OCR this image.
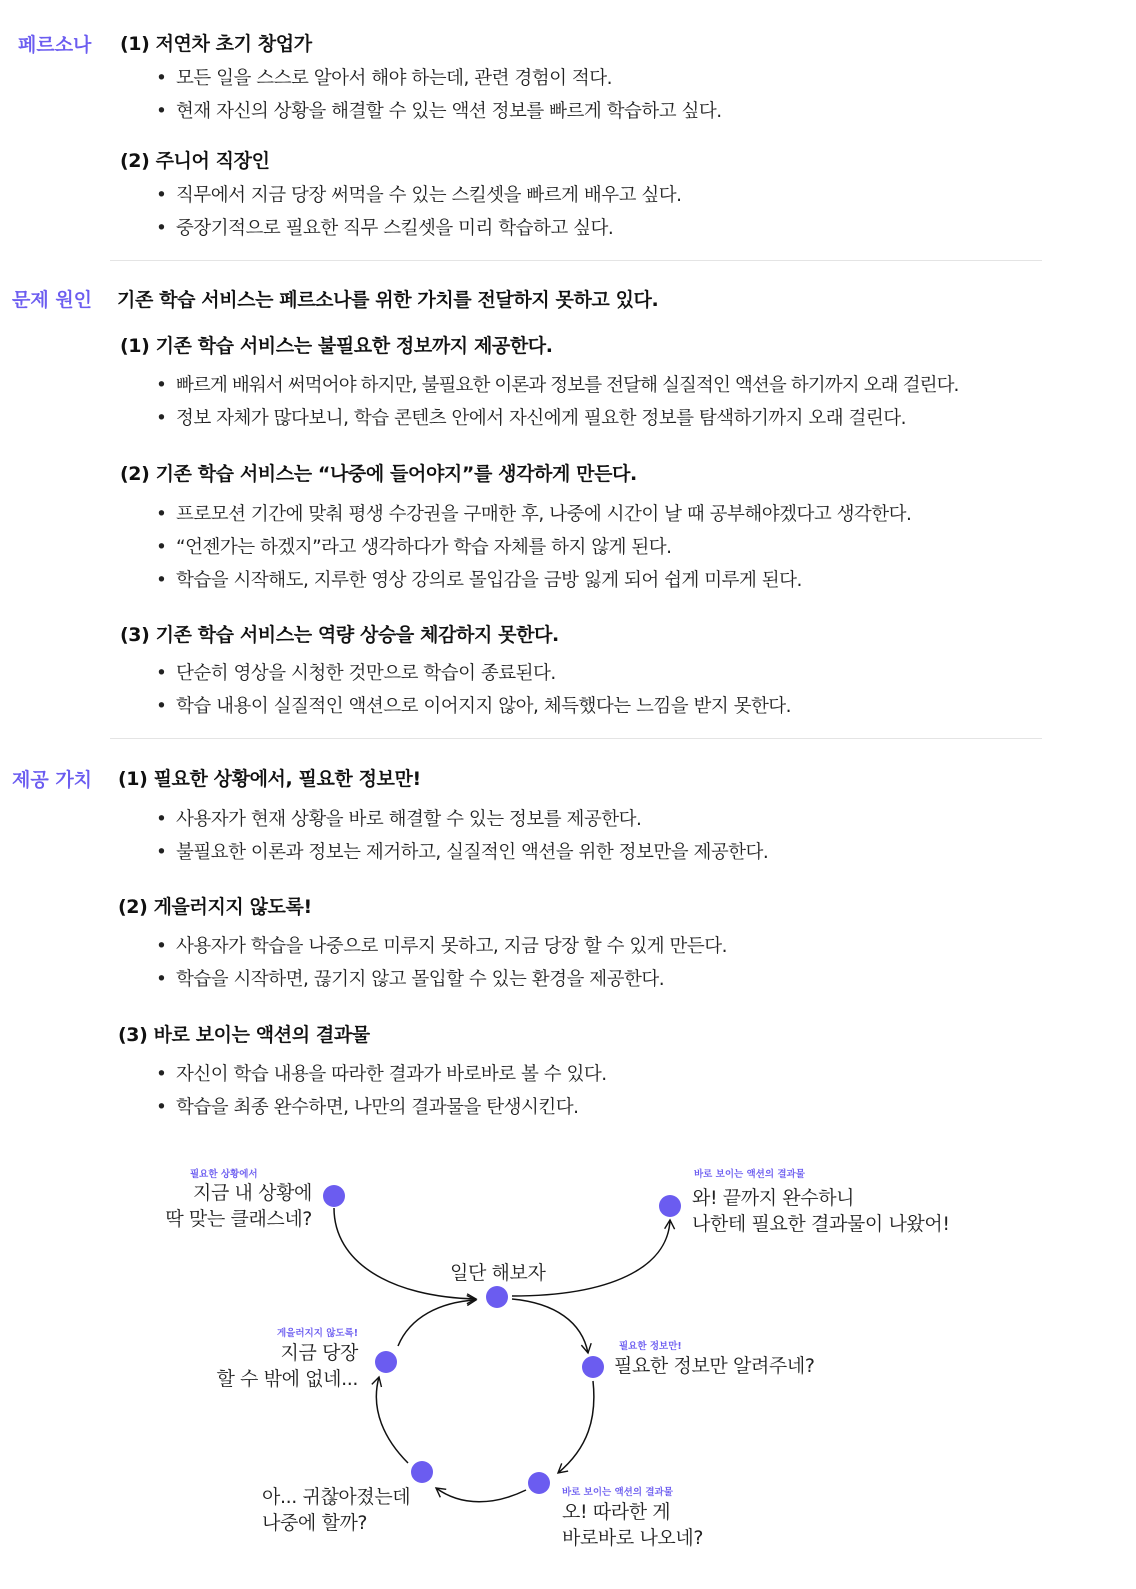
페르소나 (1) 저연차 초기 창업가
• 모든 일을 스스로 알아서 해야 하는데, 관련 경험이 적다.
• 현재 자신의 상황을 해결할 수 있는 액션 정보를 빠르게 학습하고 싶다.
(2) 주니어 직장인
• 직무에서 지금 당장 써먹을 수 있는 스킬셋을 빠르게 배우고 싶다.
• 중장기적으로 필요한 직무 스킬셋을 미리 학습하고 싶다.
문제 원인 기존 학습 서비스는 페르소나를 위한 가치를 전달하지 못하고 있다.
(1) 기존 학습 서비스는 불필요한 정보까지 제공한다.
• 빠르게 배워서 써먹어야 하지만, 불필요한 이론과 정보를 전달해 실질적인 액션을 하기까지 오래 걸린다.
• 정보 자체가 많다보니, 학습 콘텐츠 안에서 자신에게 필요한 정보를 탐색하기까지 오래 걸린다.
(2) 기존 학습 서비스는 “나중에 들어야지”를 생각하게 만든다.
• 프로모션 기간에 맞춰 평생 수강권을 구매한 후, 나중에 시간이 날 때 공부해야겠다고 생각한다.
• “언젠가는 하겠지”라고 생각하다가 학습 자체를 하지 않게 된다.
• 학습을 시작해도, 지루한 영상 강의로 몰입감을 금방 잃게 되어 쉽게 미루게 된다.
(3) 기존 학습 서비스는 역량 상승을 체감하지 못한다.
• 단순히 영상을 시청한 것만으로 학습이 종료된다.
• 학습 내용이 실질적인 액션으로 이어지지 않아, 체득했다는 느낌을 받지 못한다.
제공 가치 (1) 필요한 상황에서, 필요한 정보만!
• 사용자가 현재 상황을 바로 해결할 수 있는 정보를 제공한다.
• 불필요한 이론과 정보는 제거하고, 실질적인 액션을 위한 정보만을 제공한다.
(2) 게을러지지 않도록!
• 사용자가 학습을 나중으로 미루지 못하고, 지금 당장 할 수 있게 만든다.
• 학습을 시작하면, 끊기지 않고 몰입할 수 있는 환경을 제공한다.
(3) 바로 보이는 액션의 결과물
• 자신이 학습 내용을 따라한 결과가 바로바로 볼 수 있다.
• 학습을 최종 완수하면, 나만의 결과물을 탄생시킨다.
필요한 상황에서
지금 내 상황에
딱 맞는 클래스네?
바로 보이는 액션의 결과물
와! 끝까지 완수하니
나한테 필요한 결과물이 나왔어!
일단 해보자
필요한 정보만!
필요한 정보만 알려주네?
바로 보이는 액션의 결과물
오! 따라한 게
바로바로 나오네?
아... 귀찮아졌는데
나중에 할까?
게을러지지 않도록!
지금 당장
할 수 밖에 없네...
